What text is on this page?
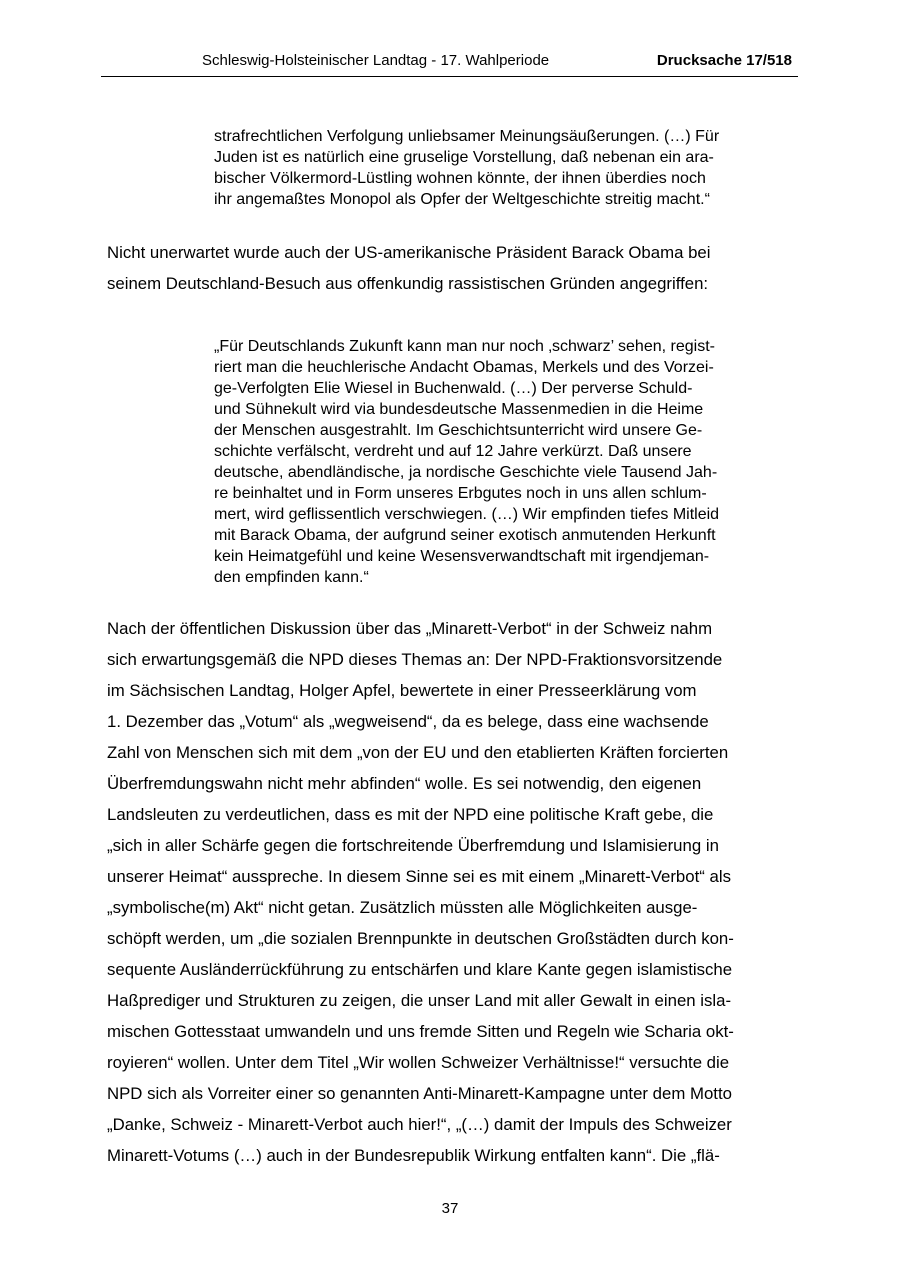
Schleswig-Holsteinischer Landtag - 17. Wahlperiode	Drucksache 17/518
strafrechtlichen Verfolgung unliebsamer Meinungsäußerungen. (…) Für
Juden ist es natürlich eine gruselige Vorstellung, daß nebenan ein ara-
bischer Völkermord-Lüstling wohnen könnte, der ihnen überdies noch
ihr angemaßtes Monopol als Opfer der Weltgeschichte streitig macht.“
Nicht unerwartet wurde auch der US-amerikanische Präsident Barack Obama bei
seinem Deutschland-Besuch aus offenkundig rassistischen Gründen angegriffen:
„Für Deutschlands Zukunft kann man nur noch ‚schwarz’ sehen, regist-
riert man die heuchlerische Andacht Obamas, Merkels und des Vorzei-
ge-Verfolgten Elie Wiesel in Buchenwald. (…) Der perverse Schuld-
und Sühnekult wird via bundesdeutsche Massenmedien in die Heime
der Menschen ausgestrahlt. Im Geschichtsunterricht wird unsere Ge-
schichte verfälscht, verdreht und auf 12 Jahre verkürzt. Daß unsere
deutsche, abendländische, ja nordische Geschichte viele Tausend Jah-
re beinhaltet und in Form unseres Erbgutes noch in uns allen schlum-
mert, wird geflissentlich verschwiegen. (…) Wir empfinden tiefes Mitleid
mit Barack Obama, der aufgrund seiner exotisch anmutenden Herkunft
kein Heimatgefühl und keine Wesensverwandtschaft mit irgendjeman-
den empfinden kann.“
Nach der öffentlichen Diskussion über das „Minarett-Verbot“ in der Schweiz nahm
sich erwartungsgemäß die NPD dieses Themas an: Der NPD-Fraktionsvorsitzende
im Sächsischen Landtag, Holger Apfel, bewertete in einer Presseerklärung vom
1. Dezember das „Votum“ als „wegweisend“, da es belege, dass eine wachsende
Zahl von Menschen sich mit dem „von der EU und den etablierten Kräften forcierten
Überfremdungswahn nicht mehr abfinden“ wolle. Es sei notwendig, den eigenen
Landsleuten zu verdeutlichen, dass es mit der NPD eine politische Kraft gebe, die
„sich in aller Schärfe gegen die fortschreitende Überfremdung und Islamisierung in
unserer Heimat“ ausspreche. In diesem Sinne sei es mit einem „Minarett-Verbot“ als
„symbolische(m) Akt“ nicht getan. Zusätzlich müssten alle Möglichkeiten ausge-
schöpft werden, um „die sozialen Brennpunkte in deutschen Großstädten durch kon-
sequente Ausländerrückführung zu entschärfen und klare Kante gegen islamistische
Haßprediger und Strukturen zu zeigen, die unser Land mit aller Gewalt in einen isla-
mischen Gottesstaat umwandeln und uns fremde Sitten und Regeln wie Scharia okt-
royieren“ wollen. Unter dem Titel „Wir wollen Schweizer Verhältnisse!“ versuchte die
NPD sich als Vorreiter einer so genannten Anti-Minarett-Kampagne unter dem Motto
„Danke, Schweiz - Minarett-Verbot auch hier!“, „(…) damit der Impuls des Schweizer
Minarett-Votums (…) auch in der Bundesrepublik Wirkung entfalten kann“. Die „flä-
37
